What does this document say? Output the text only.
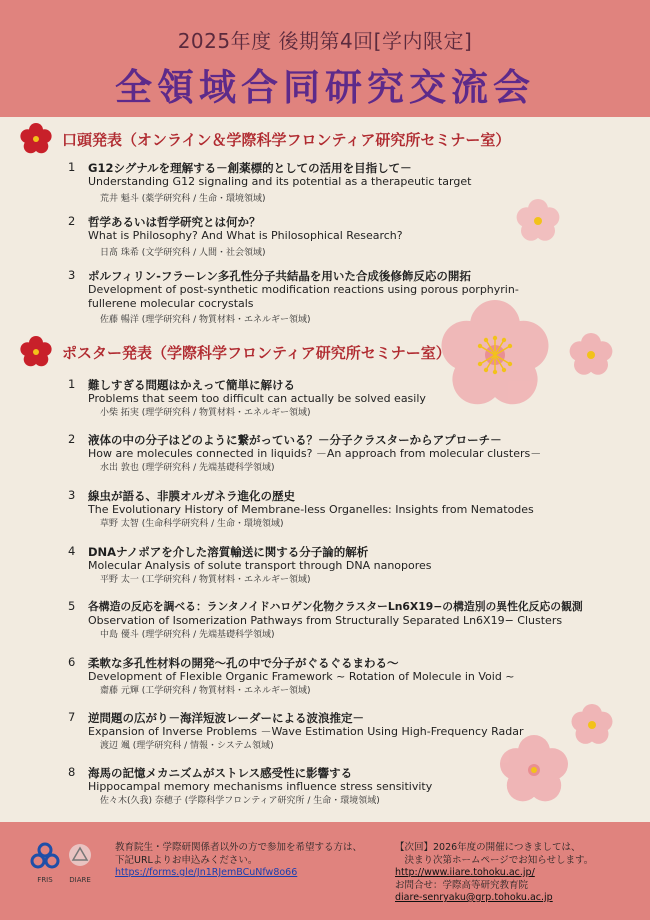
2025年度 後期第4回[学内限定]
全領域合同研究交流会
口頭発表（オンライン＆学際科学フロンティア研究所セミナー室）
1 G12シグナルを理解する－創薬標的としての活用を目指して－
Understanding G12 signaling and its potential as a therapeutic target
荒井 魁斗 (薬学研究科 / 生命・環境領域)
2 哲学あるいは哲学研究とは何か？
What is Philosophy? And What is Philosophical Research?
日髙 珠希 (文学研究科 / 人間・社会領域)
3 ポルフィリン-フラーレン多孔性分子共結晶を用いた合成後修飾反応の開拓
Development of post-synthetic modification reactions using porous porphyrin-fullerene molecular cocrystals
佐藤 暢洋 (理学研究科 / 物質材料・エネルギー領域)
ポスター発表（学際科学フロンティア研究所セミナー室）
1 難しすぎる問題はかえって簡単に解ける
Problems that seem too difficult can actually be solved easily
小柴 拓実 (理学研究科 / 物質材料・エネルギー領域)
2 液体の中の分子はどのように繋がっている？－分子クラスターからアプローチ－
How are molecules connected in liquids? －An approach from molecular clusters－
水出 敦也 (理学研究科 / 先端基礎科学領域)
3 線虫が語る、非膜オルガネラ進化の歴史
The Evolutionary History of Membrane-less Organelles: Insights from Nematodes
草野 太智 (生命科学研究科 / 生命・環境領域)
4 DNAナノポアを介した溶質輸送に関する分子論的解析
Molecular Analysis of solute transport through DNA nanopores
平野 太一 (工学研究科 / 物質材料・エネルギー領域)
5 各構造の反応を調べる：ランタノイドハロゲン化物クラスターLn6X19−の構造別の異性化反応の観測
Observation of Isomerization Pathways from Structurally Separated Ln6X19− Clusters
中島 優斗 (理学研究科 / 先端基礎科学領域)
6 柔軟な多孔性材料の開発～孔の中で分子がぐるぐるまわる～
Development of Flexible Organic Framework ~ Rotation of Molecule in Void ~
齋藤 元輝 (工学研究科 / 物質材料・エネルギー領域)
7 逆問題の広がり－海洋短波レーダーによる波浪推定－
Expansion of Inverse Problems －Wave Estimation Using High-Frequency Radar
渡辺 颯 (理学研究科 / 情報・システム領域)
8 海馬の記憶メカニズムがストレス感受性に影響する
Hippocampal memory mechanisms influence stress sensitivity
佐々木(久我) 奈穂子 (学際科学フロンティア研究所 / 生命・環境領域)
FRIS	DIARE
教育院生・学際研関係者以外の方で参加を希望する方は、
下記URLよりお申込みください。
https://forms.gle/Jn1RJemBCuNfw8o66
【次回】2026年度の開催につきましては、
　決まり次第ホームページでお知らせします。
http://www.iiare.tohoku.ac.jp/
お問合せ：学際高等研究教育院
diare-senryaku@grp.tohoku.ac.jp
